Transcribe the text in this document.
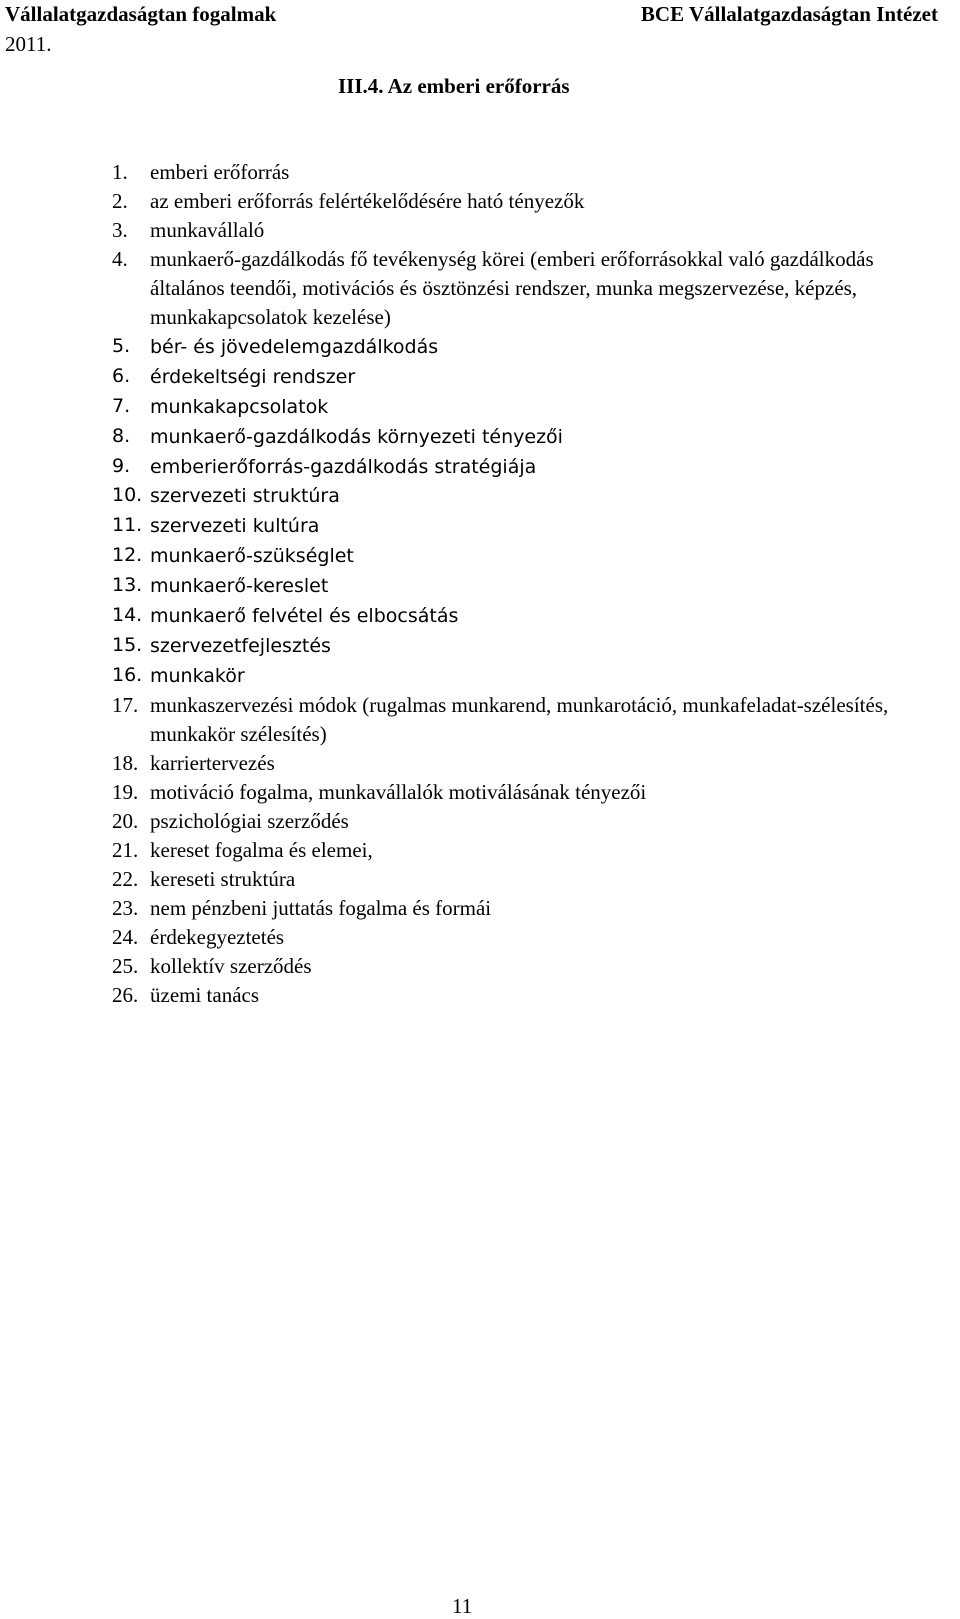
Vállalatgazdaságtan fogalmak	BCE Vállalatgazdaságtan Intézet
2011.
III.4. Az emberi erőforrás
1. emberi erőforrás
2. az emberi erőforrás felértékelődésére ható tényezők
3. munkavállaló
4. munkaerő-gazdálkodás fő tevékenység körei (emberi erőforrásokkal való gazdálkodás általános teendői, motivációs és ösztönzési rendszer, munka megszervezése, képzés, munkakapcsolatok kezelése)
5. bér- és jövedelemgazdálkodás
6. érdekeltségi rendszer
7. munkakapcsolatok
8. munkaerő-gazdálkodás környezeti tényezői
9. emberierőforrás-gazdálkodás stratégiája
10. szervezeti struktúra
11. szervezeti kultúra
12. munkaerő-szükséglet
13. munkaerő-kereslet
14. munkaerő felvétel és elbocsátás
15. szervezetfejlesztés
16. munkakör
17. munkaszervezési módok (rugalmas munkarend, munkarotáció, munkafeladat-szélesítés, munkakör szélesítés)
18. karriertervezés
19. motiváció fogalma, munkavállalók motiválásának tényezői
20. pszichológiai szerződés
21. kereset fogalma és elemei,
22. kereseti struktúra
23. nem pénzbeni juttatás fogalma és formái
24. érdekegyeztetés
25. kollektív szerződés
26. üzemi tanács
11
